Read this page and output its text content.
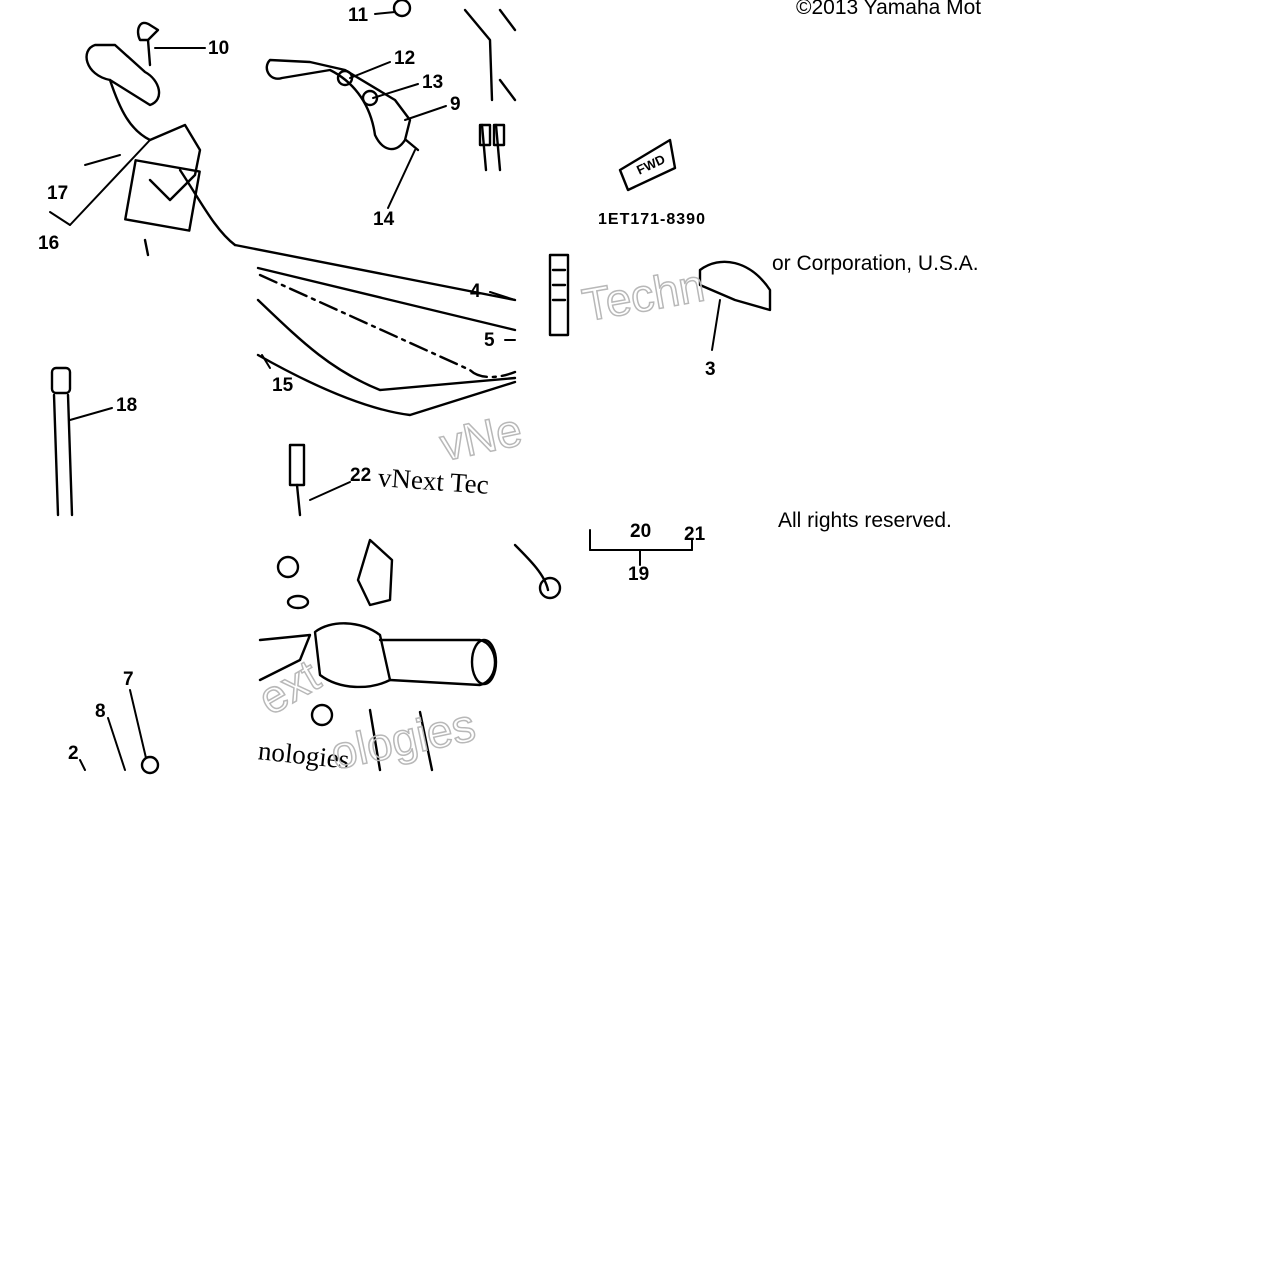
©2013 Yamaha Mot
or Corporation, U.S.A.
All rights reserved.
1ET171-8390
FWD
Techn
vNe
vNext Tec
ext
nologies
ologies
11
10	12
13
9
14
17
16
4
5
3
15
18
22
20 21
19
7
8
2
